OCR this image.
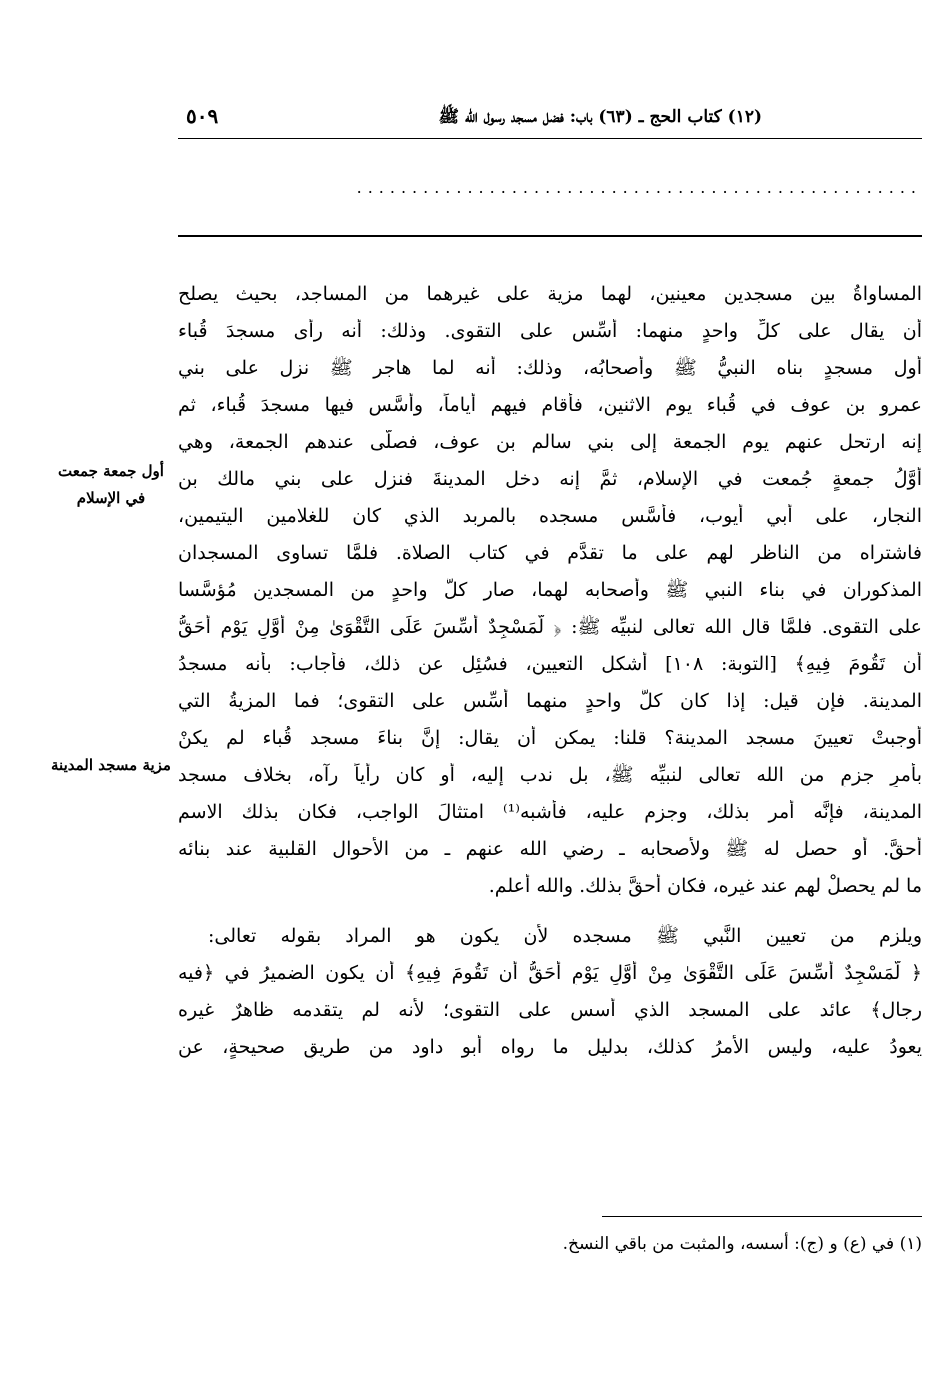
(١٢) كتاب الحج ـ (٦٣) باب: فضل مسجد رسول الله ﷺ
٥٠٩
...................................................
المساواةُ بين مسجدين معينين، لهما مزية على غيرهما من المساجد، بحيث يصلح
أن يقال على كلِّ واحدٍ منهما: أُسِّس على التقوى. وذلك: أنه رأى مسجدَ قُباء
أول مسجدٍ بناه النبيُّ ﷺ وأصحابُه، وذلك: أنه لما هاجر ﷺ نزل على بني
عمرو بن عوف في قُباء يوم الاثنين، فأقام فيهم أياماً، وأسَّس فيها مسجدَ قُباء، ثم
إنه ارتحل عنهم يوم الجمعة إلى بني سالم بن عوف، فصلَّى عندهم الجمعة، وهي
أوَّلُ جمعةٍ جُمعت في الإسلام، ثمَّ إنه دخل المدينةَ فنزل على بني مالك بن
النجار، على أبي أيوب، فأسَّس مسجده بالمربد الذي كان للغلامين اليتيمين،
فاشتراه من الناظر لهم على ما تقدَّم في كتاب الصلاة. فلمَّا تساوى المسجدان
المذكوران في بناء النبي ﷺ وأصحابه لهما، صار كلُّ واحدٍ من المسجدين مُؤسَّسا
على التقوى. فلمَّا قال الله تعالى لنبيِّه ﷺ: ﴿ لَّمَسْجِدٌ أُسِّسَ عَلَى التَّقْوَىٰ مِنْ أَوَّلِ يَوْمٍ أَحَقُّ
أَن تَقُومَ فِيهِ﴾ [التوبة: ١٠٨] أشكل التعيين، فسُئِل عن ذلك، فأجاب: بأنه مسجدُ
المدينة. فإن قيل: إذا كان كلُّ واحدٍ منهما أُسِّس على التقوى؛ فما المزيةُ التي
أوجبتْ تعيينَ مسجد المدينة؟ قلنا: يمكن أن يقال: إنَّ بناءَ مسجد قُباء لم يكنْ
بأمرِ جزمٍ من الله تعالى لنبيِّه ﷺ، بل ندب إليه، أو كان رأياً رآه، بخلاف مسجد
المدينة، فإنَّه أمر بذلك، وجزم عليه، فأشبه⁽¹⁾ امتثالَ الواجب، فكان بذلك الاسم
أحقَّ. أو حصل له ﷺ ولأصحابه ـ رضي الله عنهم ـ من الأحوال القلبية عند بنائه
ما لم يحصلْ لهم عند غيره، فكان أحقَّ بذلك. والله أعلم.
ويلزم من تعيين النَّبي ﷺ مسجده لأن يكون هو المراد بقوله تعالى:
﴿ لَّمَسْجِدٌ أُسِّسَ عَلَى التَّقْوَىٰ مِنْ أَوَّلِ يَوْمٍ أَحَقُّ أَن تَقُومَ فِيهِ﴾ أن يكون الضميرُ في ﴿فيه
رجال﴾ عائد على المسجد الذي أسس على التقوى؛ لأنه لم يتقدمه ظاهرٌ غيره
يعودُ عليه، وليس الأمرُ كذلك، بدليل ما رواه أبو داود من طريقٍ صحيحةٍ، عن
أول جمعة جمعت في الإسلام
مزية مسجد المدينة
(١) في (ع) و (ج): أسسه، والمثبت من باقي النسخ.
